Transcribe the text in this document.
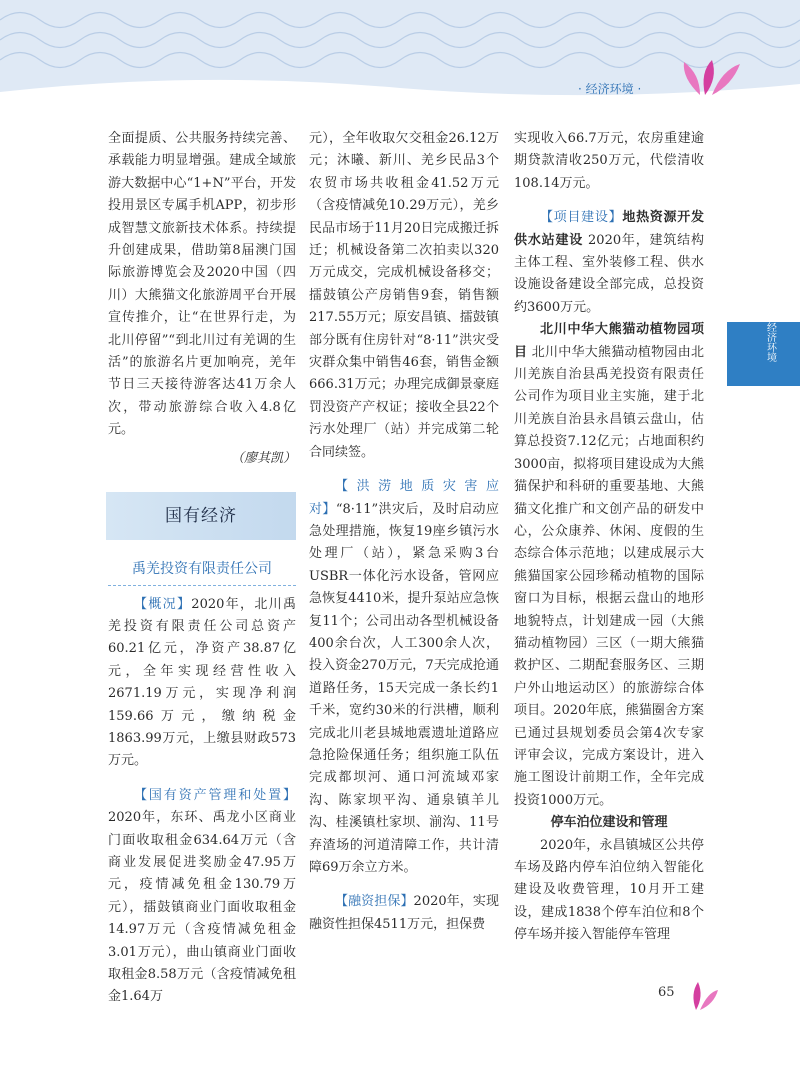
· 经济环境 ·
经济环境

全面提质、公共服务持续完善、承载能力明显增强。建成全域旅游大数据中心“1+N”平台，开发投用景区专属手机APP，初步形成智慧文旅新技术体系。持续提升创建成果，借助第8届澳门国际旅游博览会及2020中国（四川）大熊猫文化旅游周平台开展宣传推介，让“在世界行走，为北川停留”“到北川过有羌调的生活”的旅游名片更加响亮，羌年节日三天接待游客达41万余人次，带动旅游综合收入4.8亿元。

（廖其凯）
国有经济
禹羌投资有限责任公司

【概况】2020年，北川禹羌投资有限责任公司总资产60.21亿元，净资产38.87亿元，全年实现经营性收入2671.19万元，实现净利润159.66万元，缴纳税金1863.99万元，上缴县财政573万元。

【国有资产管理和处置】2020年，东环、禹龙小区商业门面收取租金634.64万元（含商业发展促进奖励金47.95万元，疫情减免租金130.79万元），擂鼓镇商业门面收取租金14.97万元（含疫情减免租金3.01万元），曲山镇商业门面收取租金8.58万元（含疫情减免租金1.64万

元），全年收取欠交租金26.12万元；沐曦、新川、羌乡民品3个农贸市场共收租金41.52万元（含疫情减免10.29万元），羌乡民品市场于11月20日完成搬迁拆迁；机械设备第二次拍卖以320万元成交，完成机械设备移交；擂鼓镇公产房销售9套，销售额217.55万元；原安昌镇、擂鼓镇部分既有住房针对“8·11”洪灾受灾群众集中销售46套，销售金额666.31万元；办理完成御景豪庭罚没资产产权证；接收全县22个污水处理厂（站）并完成第二轮合同续签。

【洪涝地质灾害应对】“8·11”洪灾后，及时启动应急处理措施，恢复19座乡镇污水处理厂（站），紧急采购3台USBR一体化污水设备，管网应急恢复4410米，提升泵站应急恢复11个；公司出动各型机械设备400余台次，人工300余人次，投入资金270万元，7天完成抢通道路任务，15天完成一条长约1千米，宽约30米的行洪槽，顺利完成北川老县城地震遗址道路应急抢险保通任务；组织施工队伍完成都坝河、通口河流域邓家沟、陈家坝平沟、通泉镇羊儿沟、桂溪镇杜家坝、湔沟、11号弃渣场的河道清障工作，共计清障69万余立方米。

【融资担保】2020年，实现融资性担保4511万元，担保费

实现收入66.7万元，农房重建逾期贷款清收250万元，代偿清收108.14万元。

【项目建设】地热资源开发供水站建设 2020年，建筑结构主体工程、室外装修工程、供水设施设备建设全部完成，总投资约3600万元。

北川中华大熊猫动植物园项目 北川中华大熊猫动植物园由北川羌族自治县禹羌投资有限责任公司作为项目业主实施，建于北川羌族自治县永昌镇云盘山，估算总投资7.12亿元；占地面积约3000亩，拟将项目建设成为大熊猫保护和科研的重要基地、大熊猫文化推广和文创产品的研发中心，公众康养、休闲、度假的生态综合体示范地；以建成展示大熊猫国家公园珍稀动植物的国际窗口为目标，根据云盘山的地形地貌特点，计划建成一园（大熊猫动植物园）三区（一期大熊猫救护区、二期配套服务区、三期户外山地运动区）的旅游综合体项目。2020年底，熊猫圈舍方案已通过县规划委员会第4次专家评审会议，完成方案设计，进入施工图设计前期工作，全年完成投资1000万元。

停车泊位建设和管理

2020年，永昌镇城区公共停车场及路内停车泊位纳入智能化建设及收费管理，10月开工建设，建成1838个停车泊位和8个停车场并接入智能停车管理

65
